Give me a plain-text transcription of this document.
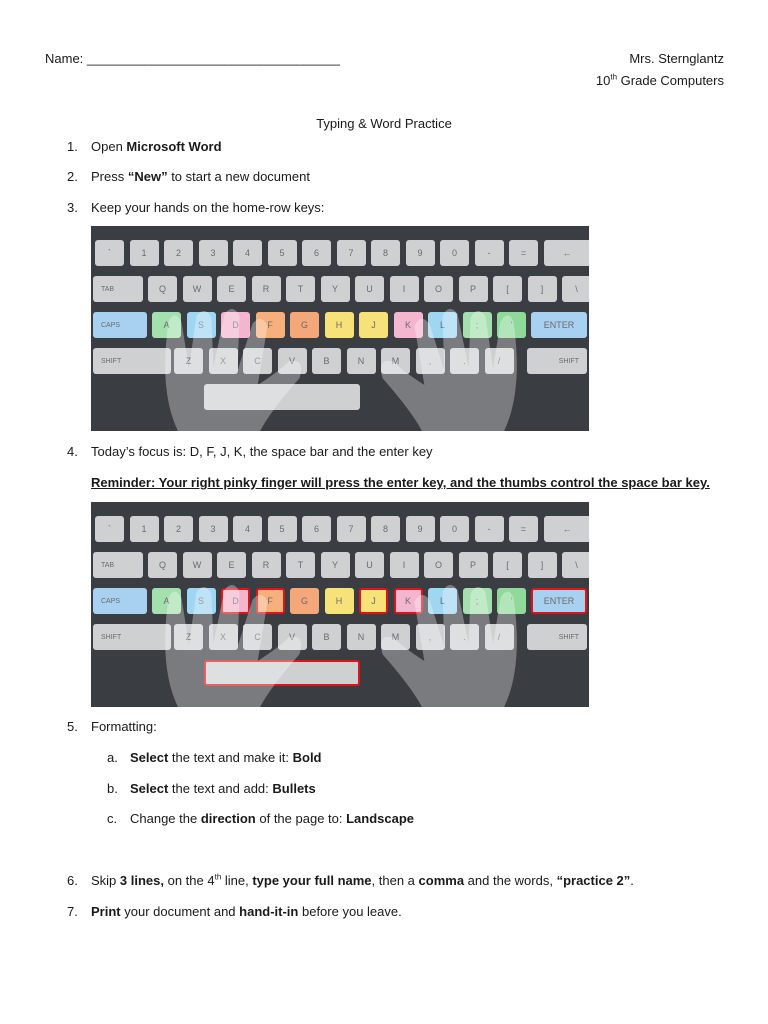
Name: ___________________________________	Mrs. Sternglantz
10th Grade Computers
Typing & Word Practice
1. Open Microsoft Word
2. Press “New” to start a new document
3. Keep your hands on the home-row keys:
`	1	2	3	4	5	6	7	8	9	0	-	=	←
TAB	Q	W	E	R	T	Y	U	I	O	P	[	]	\
CAPS	A	S	D	F	G	H	J	K	L	;	'	ENTER
SHIFT	Z	X	C	V	B	N	M	,	.	/	SHIFT
4. Today’s focus is: D, F, J, K, the space bar and the enter key
Reminder: Your right pinky finger will press the enter key, and the thumbs control the space bar key.
`	1	2	3	4	5	6	7	8	9	0	-	=	←
TAB	Q	W	E	R	T	Y	U	I	O	P	[	]	\
CAPS	A	S	D	F	G	H	J	K	L	;	'	ENTER
SHIFT	Z	X	C	V	B	N	M	,	.	/	SHIFT
5. Formatting:
a. Select the text and make it: Bold
b. Select the text and add: Bullets
c. Change the direction of the page to: Landscape
6. Skip 3 lines, on the 4th line, type your full name, then a comma and the words, “practice 2”.
7. Print your document and hand-it-in before you leave.
